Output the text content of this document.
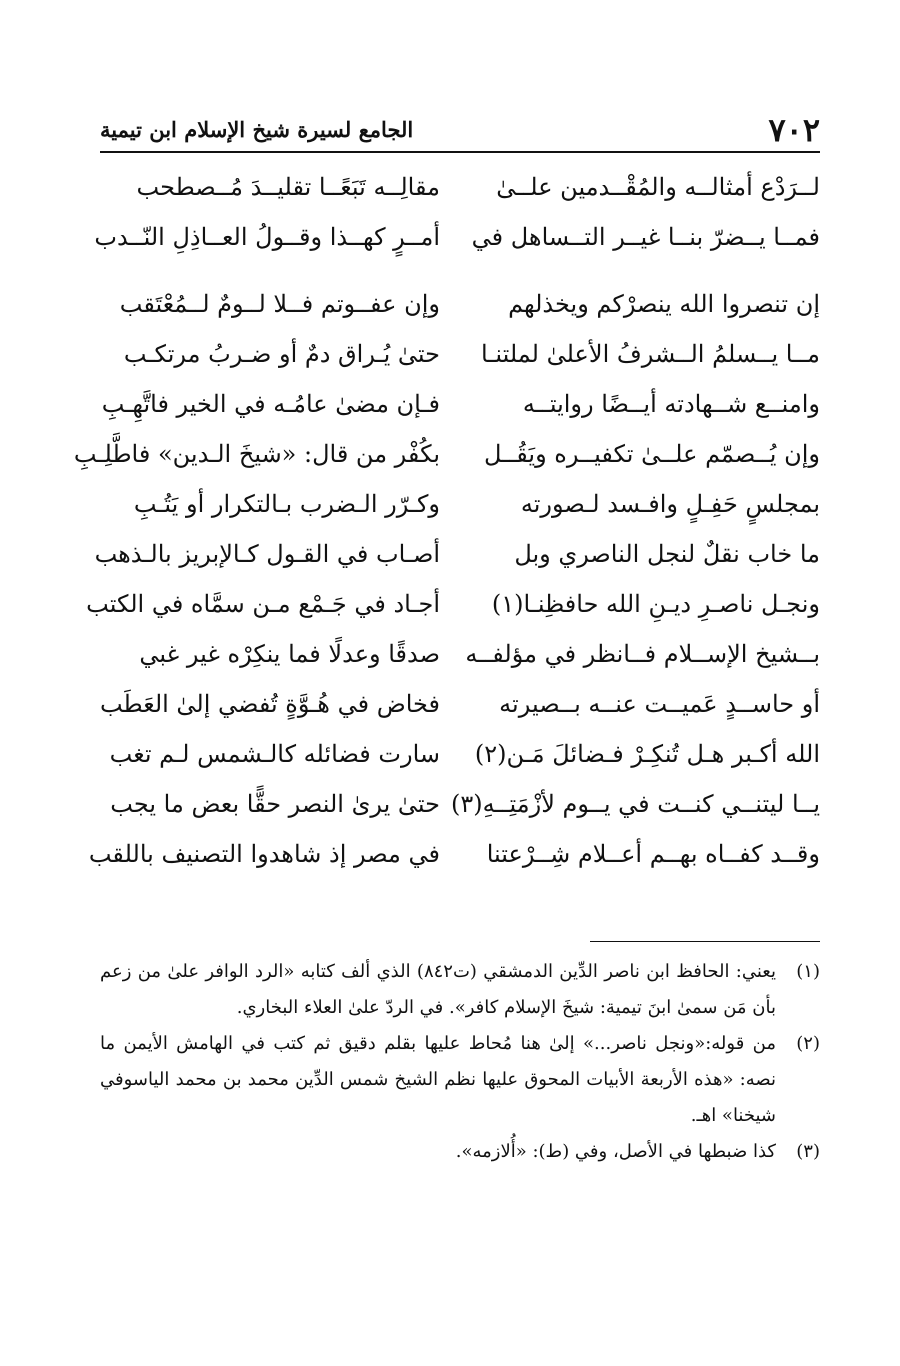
٧٠٢
الجامع لسيرة شيخ الإسلام ابن تيمية
لــرَدْع أمثالــه والمُقْــدمين علــىٰ
مقالِــه تَبَعًــا تقليــدَ مُــصطحب
فمــا يــضرّ بنــا غيــر التــساهل في
أمــرٍ كهــذا وقــولُ العــاذِلِ النّــدب
إن تنصروا الله ينصرْكم ويخذلهم
وإن عفــوتم فــلا لــومٌ لــمُعْتَقب
مــا يــسلمُ الــشرفُ الأعلىٰ لملتنـا
حتىٰ يُـراق دمٌ أو ضـربُ مرتكـب
وامنــع شــهادته أيــضًا روايتــه
فـإن مضىٰ عامُـه في الخير فاتَّهِـبِ
وإن يُــصمّم علــىٰ تكفيــره ويَقُــل
بكُفْر من قال: «شيخَ الـدين» فاطَّلِـبِ
بمجلسٍ حَفِـلٍ وافـسد لـصورته
وكـرّر الـضرب بـالتكرار أو يَتُـبِ
ما خاب نقلٌ لنجل الناصري وبل
أصـاب في القـول كـالإبريز بالـذهب
ونجـل ناصـرِ ديـنِ الله حافظِنـا(١)
أجـاد في جَـمْع مـن سمَّاه في الكتب
بــشيخ الإســلام فــانظر في مؤلفــه
صدقًا وعدلًا فما ينكِرْه غير غبي
أو حاســدٍ عَميــت عنــه بــصيرته
فخاض في هُـوَّةٍ تُفضي إلىٰ العَطَب
الله أكـبر هـل تُنكِـرْ فـضائلَ مَـن(٢)
سارت فضائله كالـشمس لـم تغب
يــا ليتنــي كنــت في يــوم لأزْمَتِــهِ(٣)
حتىٰ يرىٰ النصر حقًّا بعض ما يجب
وقــد كفــاه بهــم أعــلام شِــرْعتنا
في مصر إذ شاهدوا التصنيف باللقب
(١)
يعني: الحافظ ابن ناصر الدِّين الدمشقي (ت٨٤٢) الذي ألف كتابه «الرد الوافر علىٰ من زعم بأن مَن سمىٰ ابنَ تيمية: شيخَ الإسلام كافر». في الردّ علىٰ العلاء البخاري.
(٢)
من قوله:«ونجل ناصر...» إلىٰ هنا مُحاط عليها بقلم دقيق ثم كتب في الهامش الأيمن ما نصه: «هذه الأربعة الأبيات المحوق عليها نظم الشيخ شمس الدِّين محمد بن محمد الياسوفي شيخنا» اهـ.
(٣)
كذا ضبطها في الأصل، وفي (ط): «أُلازمه».
